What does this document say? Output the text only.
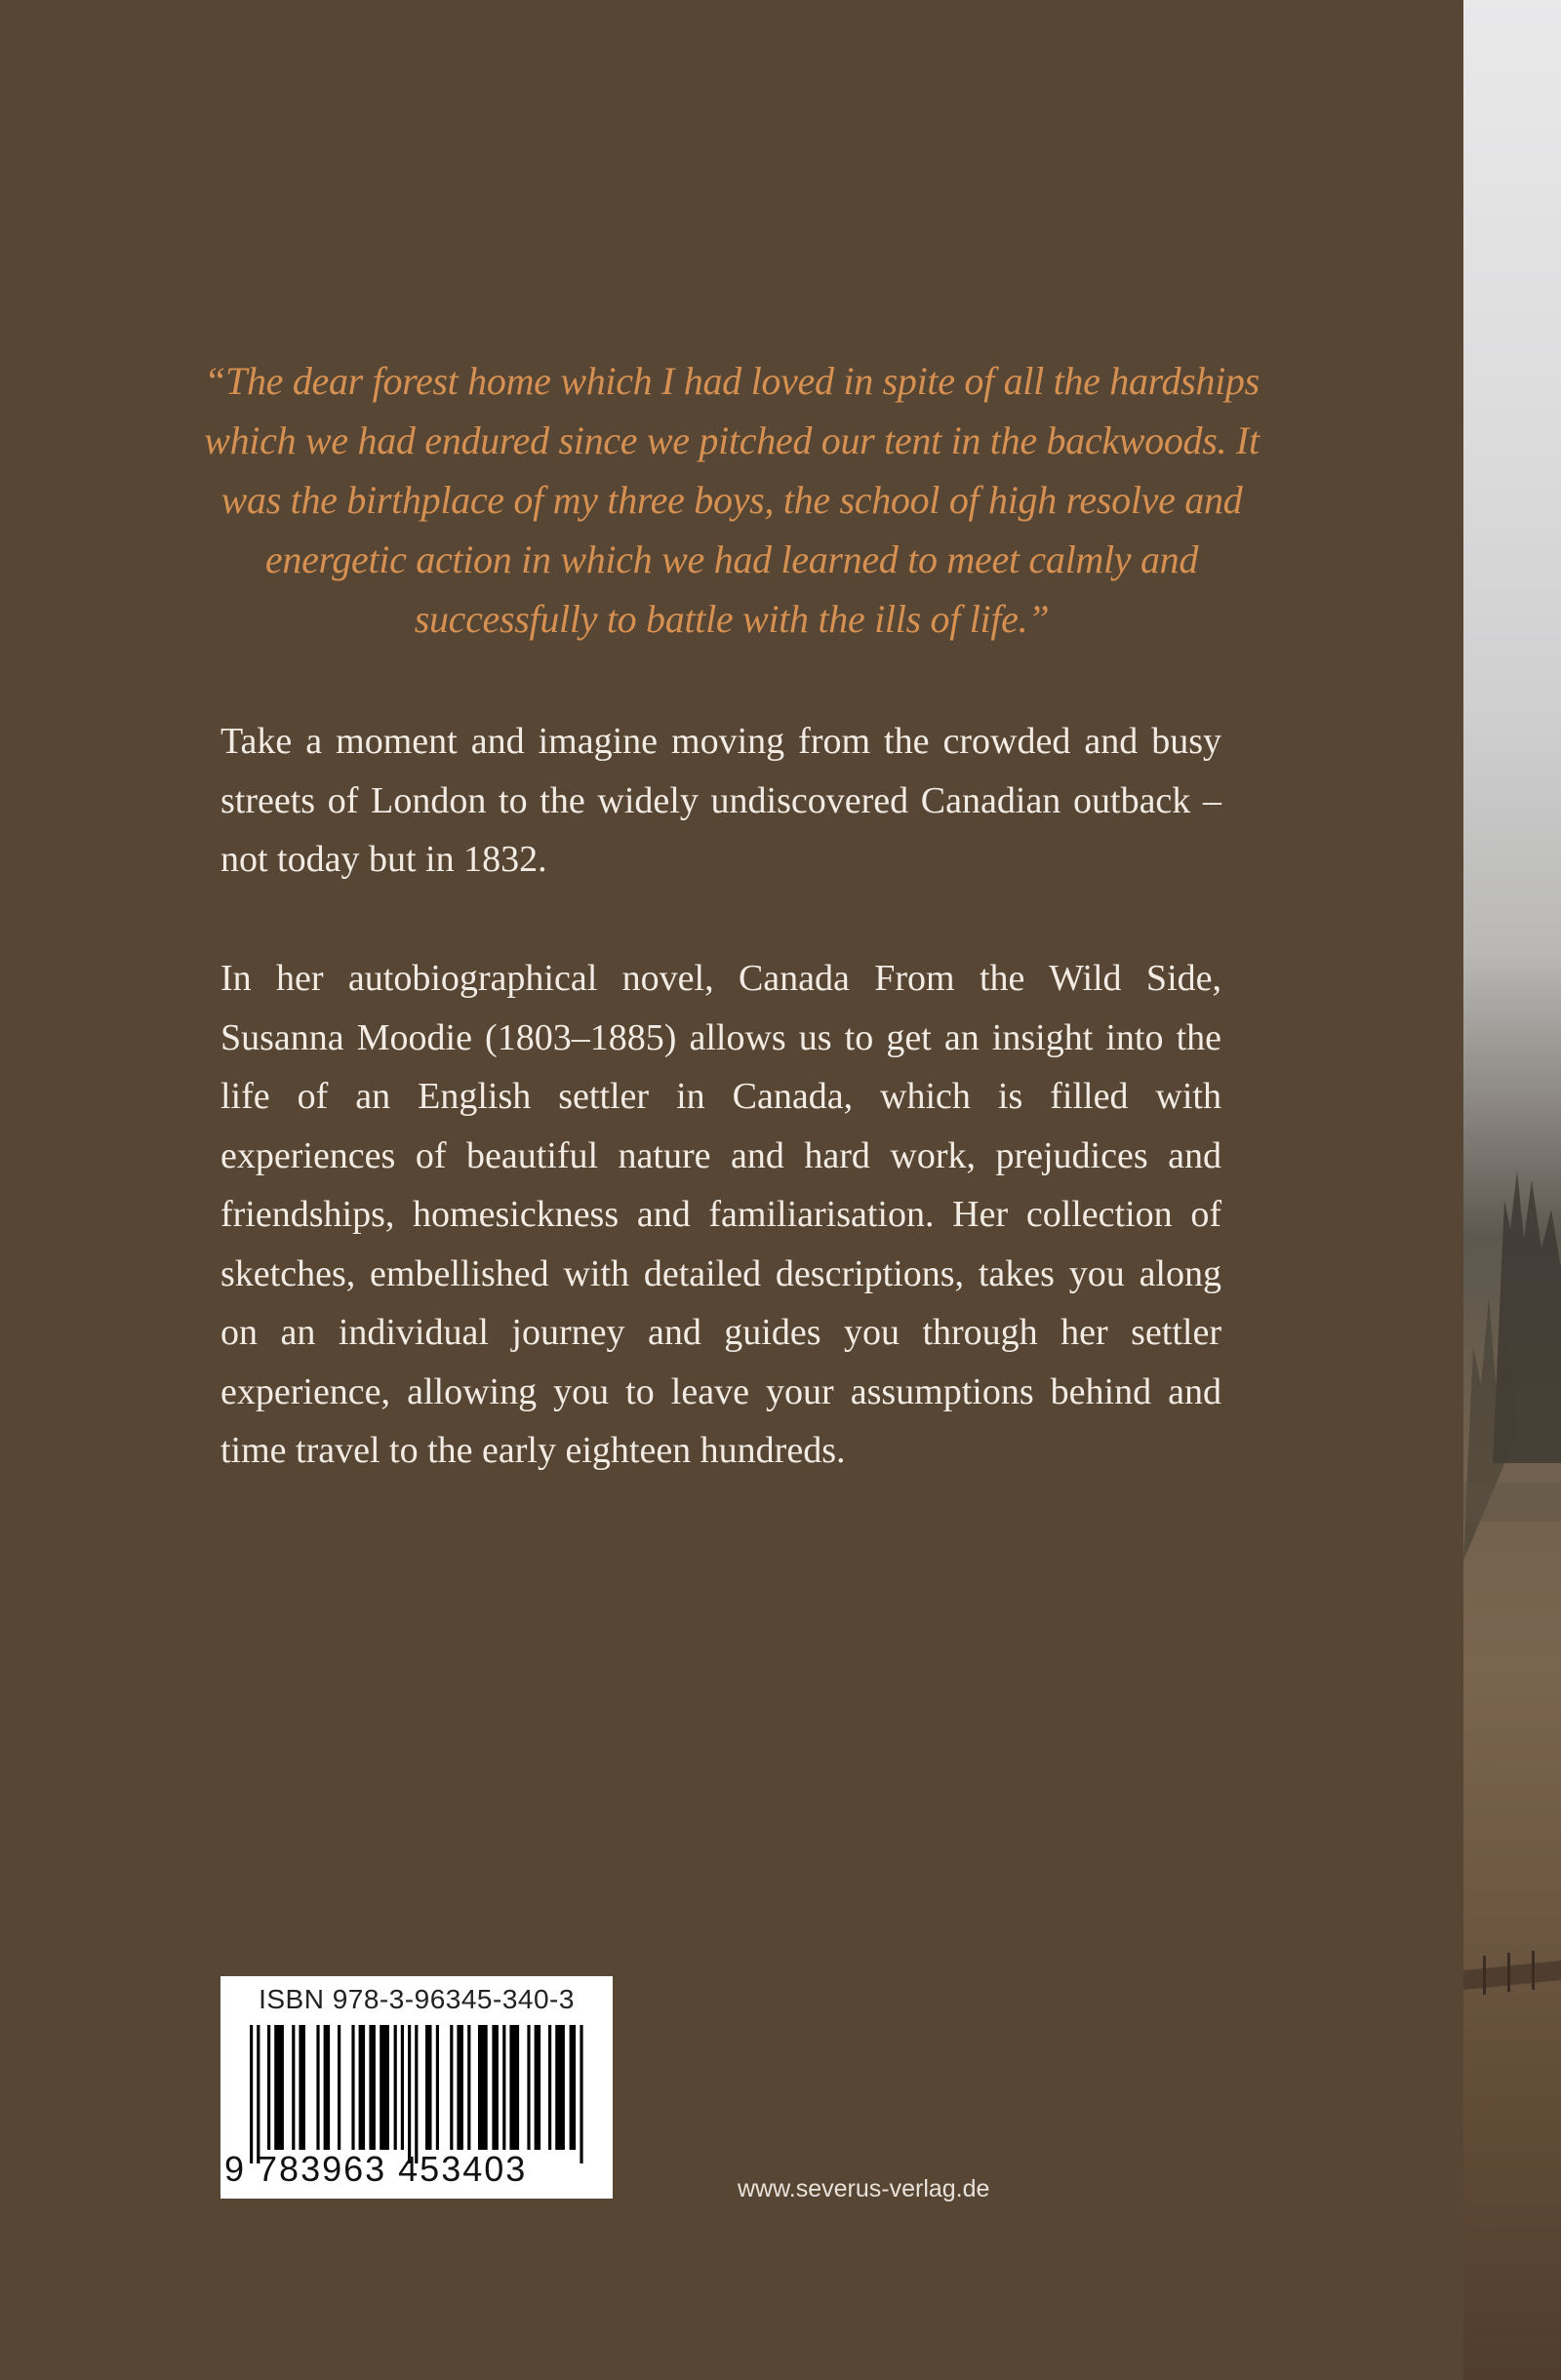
“The dear forest home which I had loved in spite of all the hardships which we had endured since we pitched our tent in the backwoods. It was the birthplace of my three boys, the school of high resolve and energetic action in which we had learned to meet calmly and successfully to battle with the ills of life.”

Take a moment and imagine moving from the crowded and busy streets of London to the widely undiscovered Canadian outback – not today but in 1832.

In her autobiographical novel, Canada From the Wild Side, Susanna Moodie (1803–1885) allows us to get an insight into the life of an English settler in Canada, which is filled with experiences of beautiful nature and hard work, prejudices and friendships, homesickness and familiarisation. Her collection of sketches, embellished with detailed descriptions, takes you along on an individual journey and guides you through her settler experience, allowing you to leave your assumptions behind and time travel to the early eighteen hundreds.

ISBN 978-3-96345-340-3
9 783963 453403	www.severus-verlag.de
